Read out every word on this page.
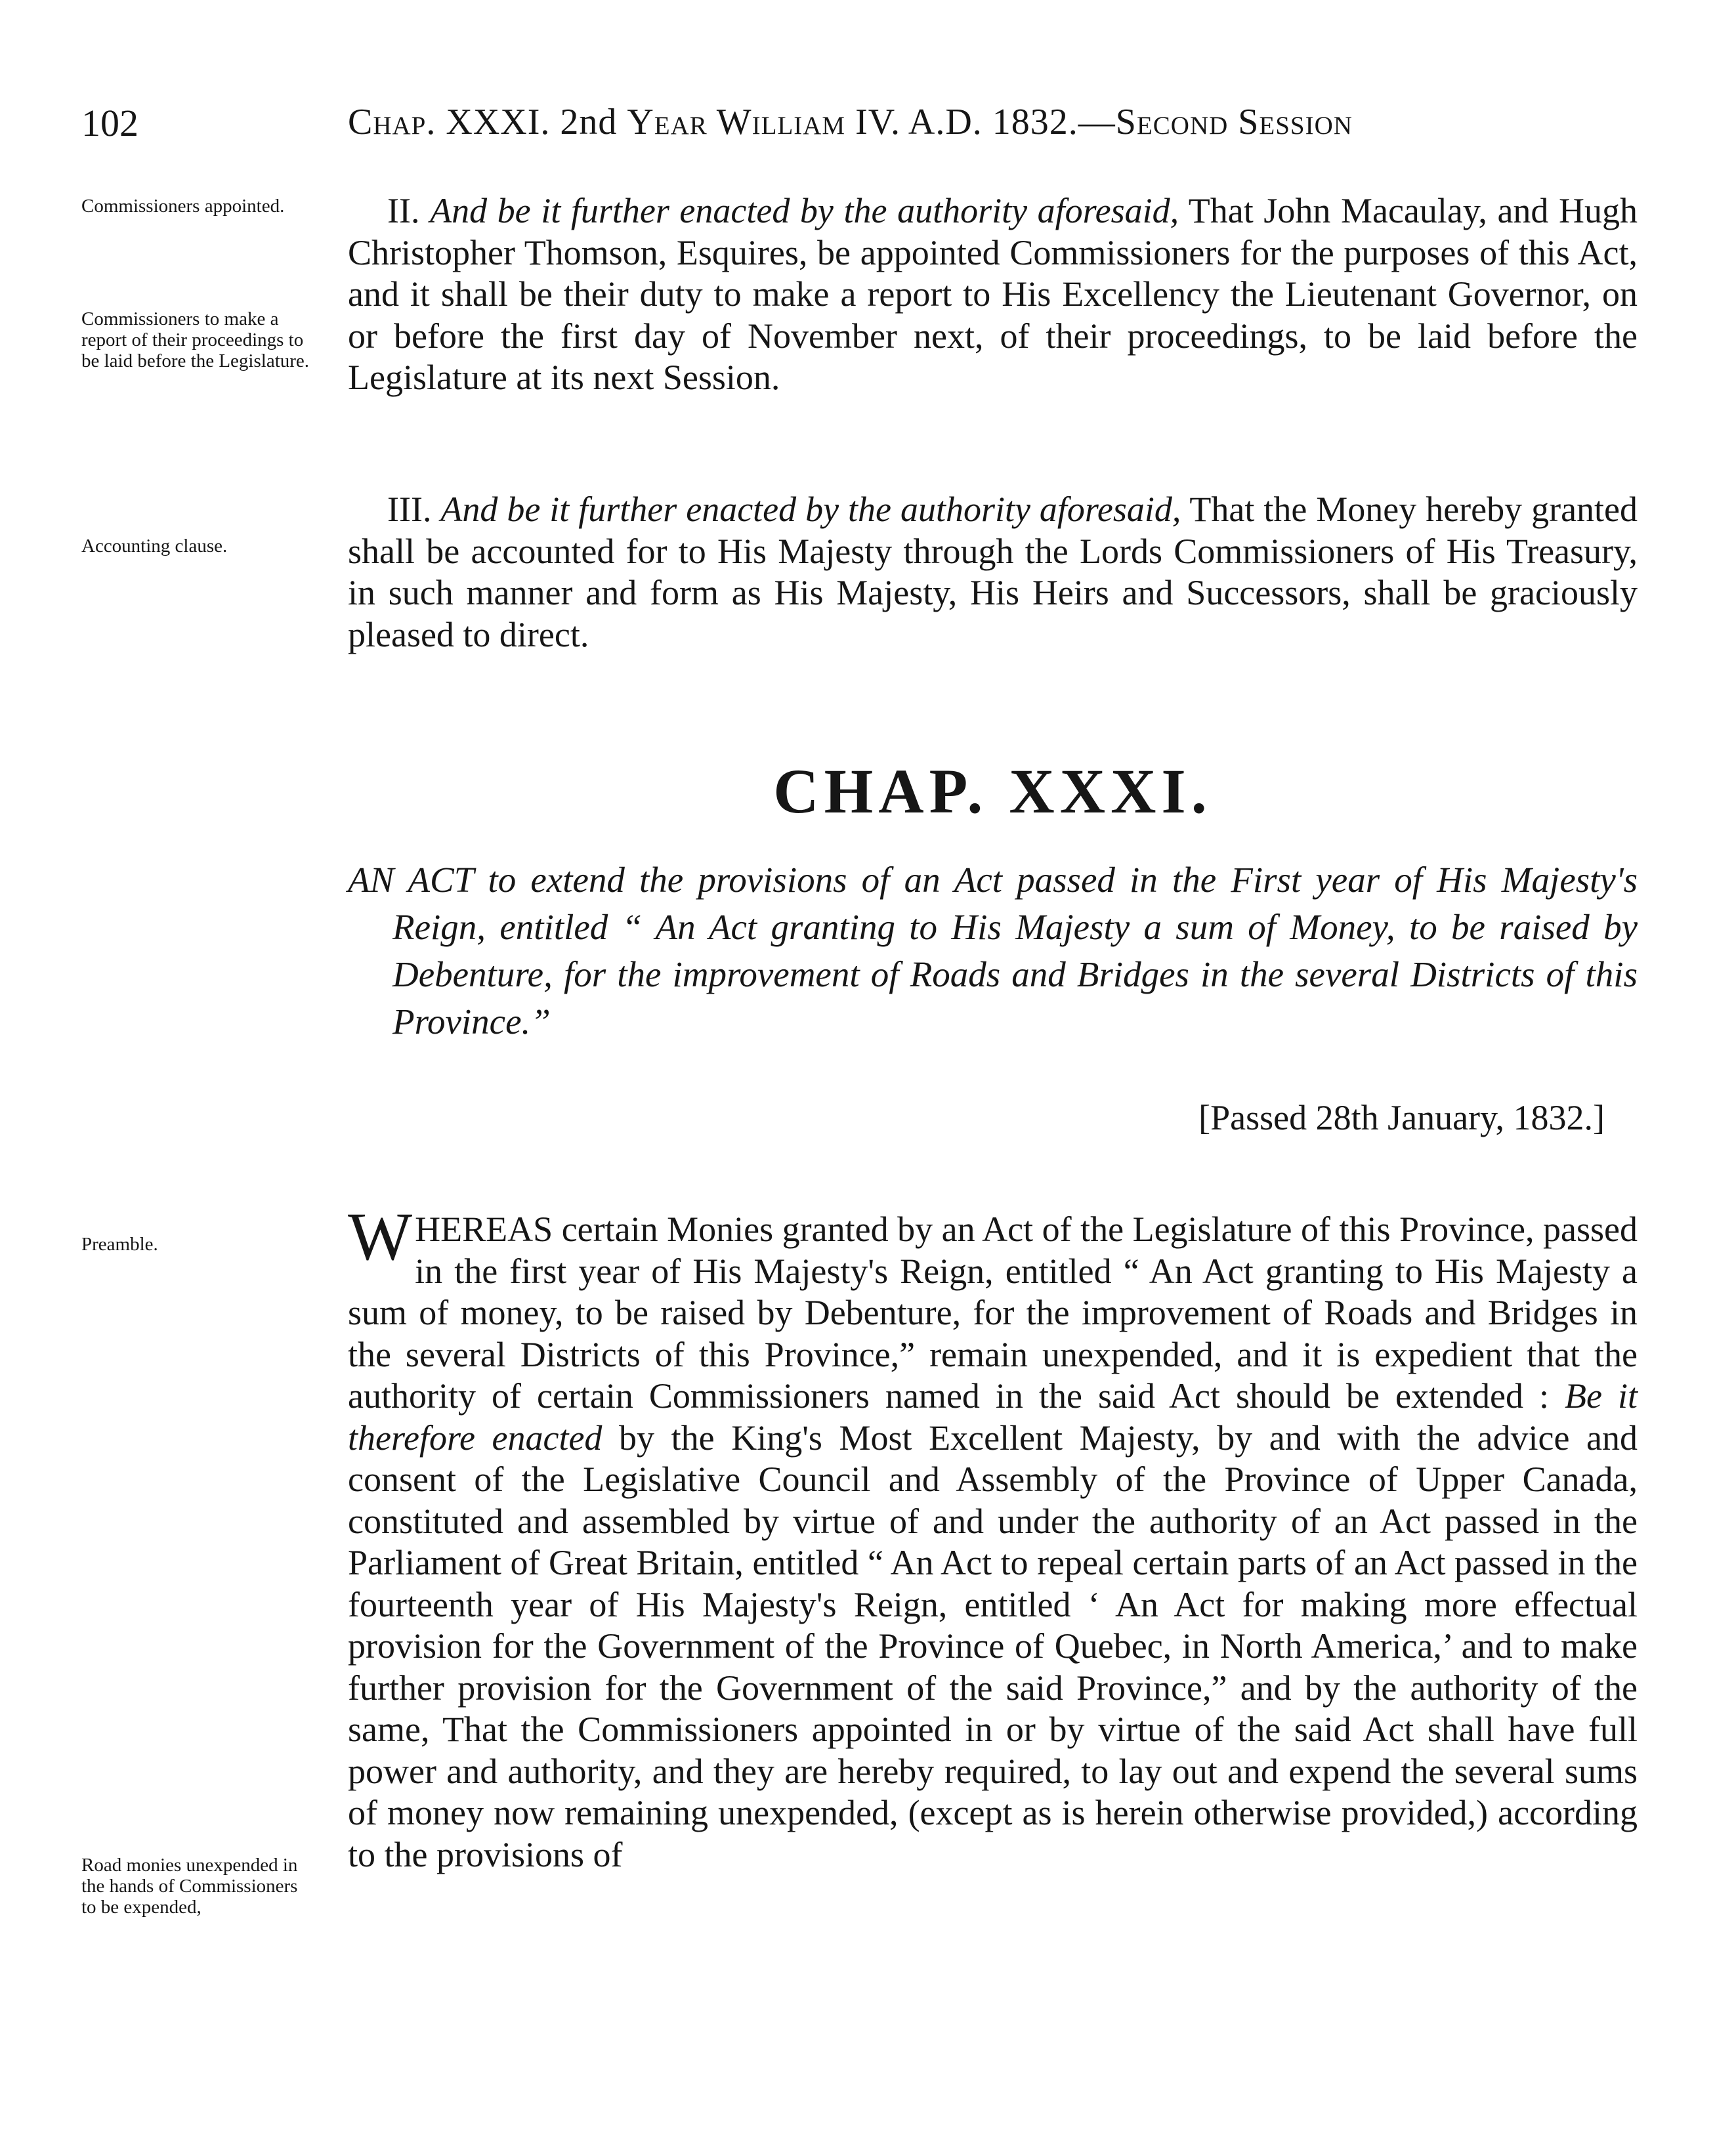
102	Chap. XXXI. 2nd Year William IV. A.D. 1832.—Second Session
Commissioners appointed.
Commissioners to make a report of their proceedings to be laid before the Legislature.
Accounting clause.
Preamble.
Road monies unexpended in the hands of Commissioners to be expended,
II. And be it further enacted by the authority aforesaid, That John Macaulay, and Hugh Christopher Thomson, Esquires, be appointed Commissioners for the purposes of this Act, and it shall be their duty to make a report to His Excellency the Lieutenant Governor, on or before the first day of November next, of their proceedings, to be laid before the Legislature at its next Session.
III. And be it further enacted by the authority aforesaid, That the Money hereby granted shall be accounted for to His Majesty through the Lords Commissioners of His Treasury, in such manner and form as His Majesty, His Heirs and Successors, shall be graciously pleased to direct.
CHAP. XXXI.
AN ACT to extend the provisions of an Act passed in the First year of His Majesty's Reign, entitled “ An Act granting to His Majesty a sum of Money, to be raised by Debenture, for the improvement of Roads and Bridges in the several Districts of this Province.”
[Passed 28th January, 1832.]
WHEREAS certain Monies granted by an Act of the Legislature of this Province, passed in the first year of His Majesty's Reign, entitled “ An Act granting to His Majesty a sum of money, to be raised by Debenture, for the improvement of Roads and Bridges in the several Districts of this Province,” remain unexpended, and it is expedient that the authority of certain Commissioners named in the said Act should be extended : Be it therefore enacted by the King's Most Excellent Majesty, by and with the advice and consent of the Legislative Council and Assembly of the Province of Upper Canada, constituted and assembled by virtue of and under the authority of an Act passed in the Parliament of Great Britain, entitled “ An Act to repeal certain parts of an Act passed in the fourteenth year of His Majesty's Reign, entitled ‘ An Act for making more effectual provision for the Government of the Province of Quebec, in North America,’ and to make further provision for the Government of the said Province,” and by the authority of the same, That the Commissioners appointed in or by virtue of the said Act shall have full power and authority, and they are hereby required, to lay out and expend the several sums of money now remaining unexpended, (except as is herein otherwise provided,) according to the provisions of
